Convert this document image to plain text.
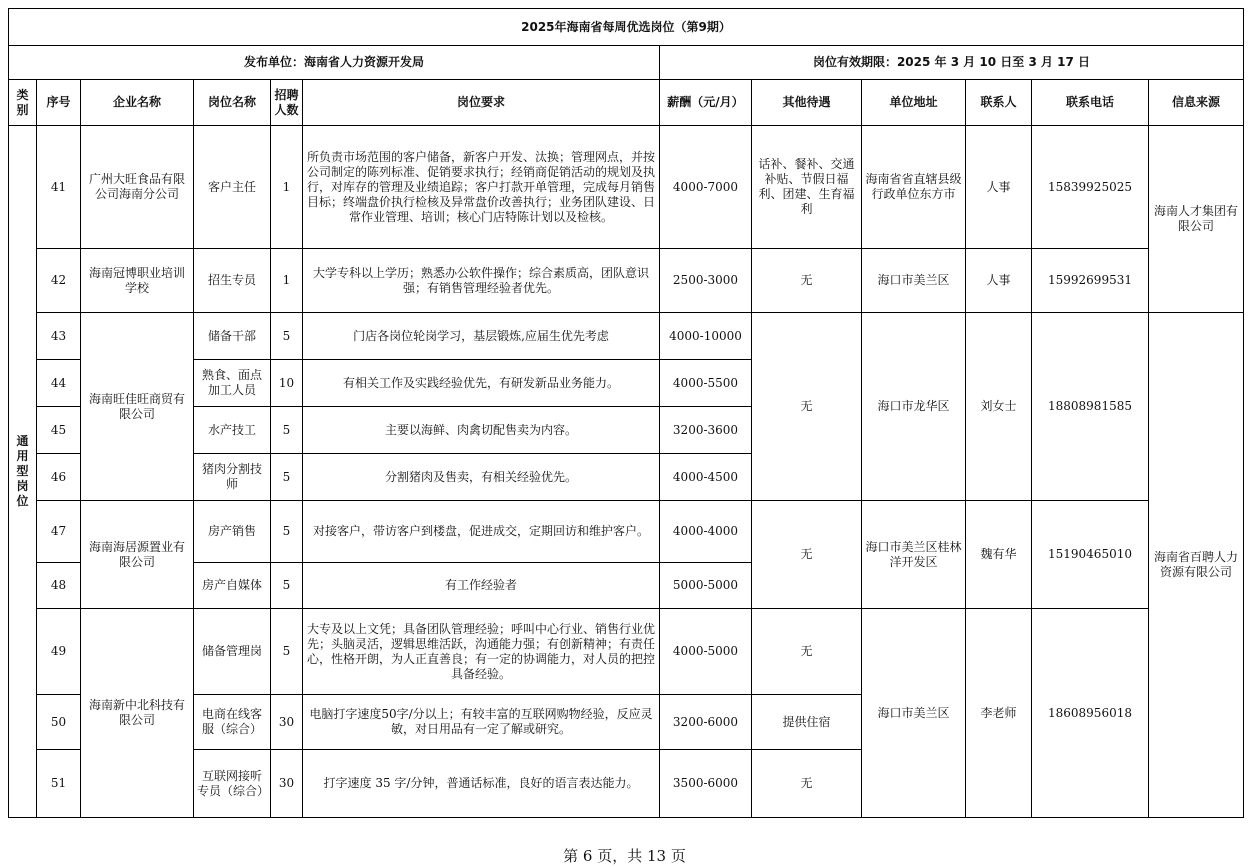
2025年海南省每周优选岗位（第9期）											
发布单位：海南省人力资源开发局						岗位有效期限：2025 年 3 月 10 日至 3 月 17 日					
类别	序号	企业名称	岗位名称	招聘人数	岗位要求	薪酬（元/月）	其他待遇	单位地址	联系人	联系电话	信息来源
通用型岗位	41	广州大旺食品有限公司海南分公司	客户主任	1	所负责市场范围的客户储备，新客户开发、汰换；管理网点，并按公司制定的陈列标准、促销要求执行；经销商促销活动的规划及执行，对库存的管理及业绩追踪；客户打款开单管理，完成每月销售目标；终端盘价执行检核及异常盘价改善执行；业务团队建设、日常作业管理、培训；核心门店特陈计划以及检核。	4000-7000	话补、餐补、交通补贴、节假日福利、团建、生育福利	海南省省直辖县级行政单位东方市	人事	15839925025	海南人才集团有限公司
	42	海南冠博职业培训学校	招生专员	1	大学专科以上学历；熟悉办公软件操作；综合素质高，团队意识强；有销售管理经验者优先。	2500-3000	无	海口市美兰区	人事	15992699531	
	43	海南旺佳旺商贸有限公司	储备干部	5	门店各岗位轮岗学习，基层锻炼,应届生优先考虑	4000-10000	无	海口市龙华区	刘女士	18808981585	海南省百聘人力资源有限公司
	44		熟食、面点加工人员	10	有相关工作及实践经验优先，有研发新品业务能力。	4000-5500					
	45		水产技工	5	主要以海鲜、肉禽切配售卖为内容。	3200-3600					
	46		猪肉分割技师	5	分割猪肉及售卖，有相关经验优先。	4000-4500					
	47	海南海居源置业有限公司	房产销售	5	对接客户，带访客户到楼盘，促进成交，定期回访和维护客户。	4000-4000	无	海口市美兰区桂林洋开发区	魏有华	15190465010	
	48		房产自媒体	5	有工作经验者	5000-5000					
	49	海南新中北科技有限公司	储备管理岗	5	大专及以上文凭；具备团队管理经验；呼叫中心行业、销售行业优先；头脑灵活，逻辑思维活跃，沟通能力强；有创新精神；有责任心，性格开朗，为人正直善良；有一定的协调能力，对人员的把控具备经验。	4000-5000	无	海口市美兰区	李老师	18608956018	
	50		电商在线客服（综合）	30	电脑打字速度50字/分以上；有较丰富的互联网购物经验，反应灵敏，对日用品有一定了解或研究。	3200-6000	提供住宿				
	51		互联网接听专员（综合）	30	打字速度 35 字/分钟，普通话标准，良好的语言表达能力。	3500-6000	无				
第 6 页，共 13 页
